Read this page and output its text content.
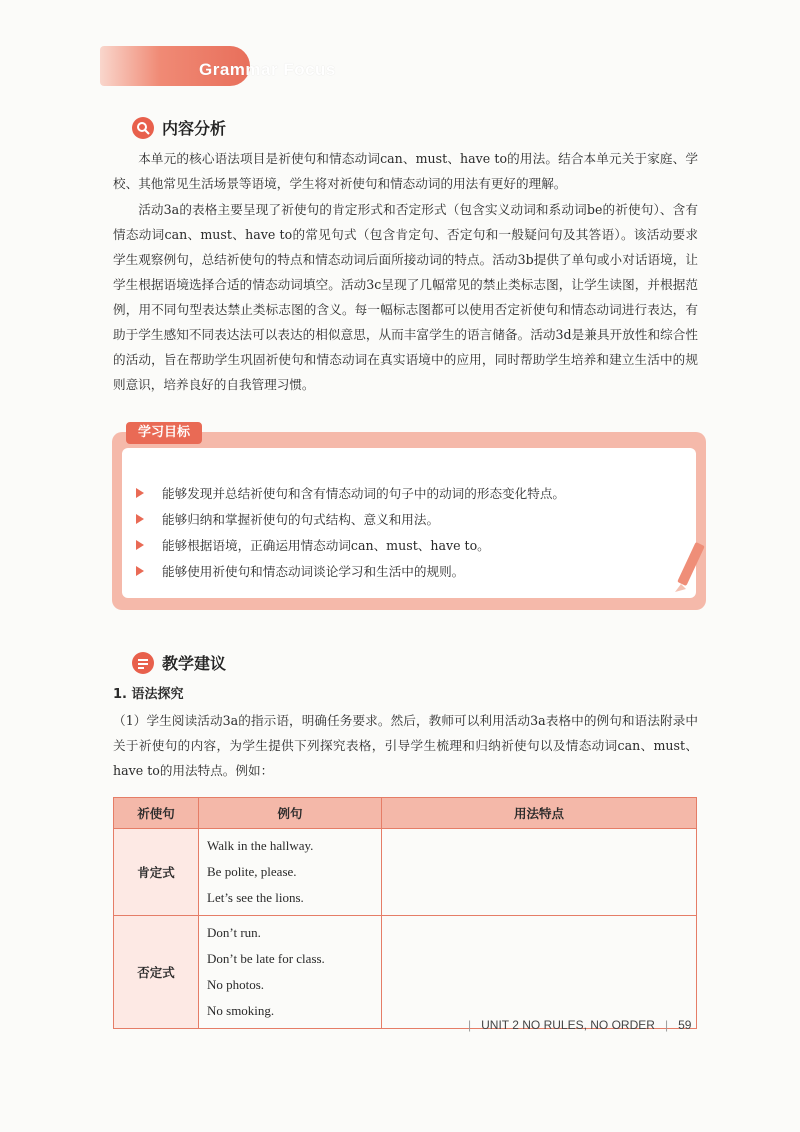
Grammar Focus
内容分析

本单元的核心语法项目是祈使句和情态动词can、must、have to的用法。结合本单元关于家庭、学校、其他常见生活场景等语境，学生将对祈使句和情态动词的用法有更好的理解。

活动3a的表格主要呈现了祈使句的肯定形式和否定形式（包含实义动词和系动词be的祈使句）、含有情态动词can、must、have to的常见句式（包含肯定句、否定句和一般疑问句及其答语）。该活动要求学生观察例句，总结祈使句的特点和情态动词后面所接动词的特点。活动3b提供了单句或小对话语境，让学生根据语境选择合适的情态动词填空。活动3c呈现了几幅常见的禁止类标志图，让学生读图，并根据范例，用不同句型表达禁止类标志图的含义。每一幅标志图都可以使用否定祈使句和情态动词进行表达，有助于学生感知不同表达法可以表达的相似意思，从而丰富学生的语言储备。活动3d是兼具开放性和综合性的活动，旨在帮助学生巩固祈使句和情态动词在真实语境中的应用，同时帮助学生培养和建立生活中的规则意识，培养良好的自我管理习惯。

学习目标
能够发现并总结祈使句和含有情态动词的句子中的动词的形态变化特点。
能够归纳和掌握祈使句的句式结构、意义和用法。
能够根据语境，正确运用情态动词can、must、have to。
能够使用祈使句和情态动词谈论学习和生活中的规则。
教学建议
1. 语法探究

（1）学生阅读活动3a的指示语，明确任务要求。然后，教师可以利用活动3a表格中的例句和语法附录中关于祈使句的内容，为学生提供下列探究表格，引导学生梳理和归纳祈使句以及情态动词can、must、have to的用法特点。例如：

祈使句	例句	用法特点
肯定式	Walk in the hallway.
Be polite, please.
Let’s see the lions.	

否定式	Don’t run.
Don’t be late for class.
No photos.
No smoking.	

| UNIT 2 NO RULES, NO ORDER | 59
